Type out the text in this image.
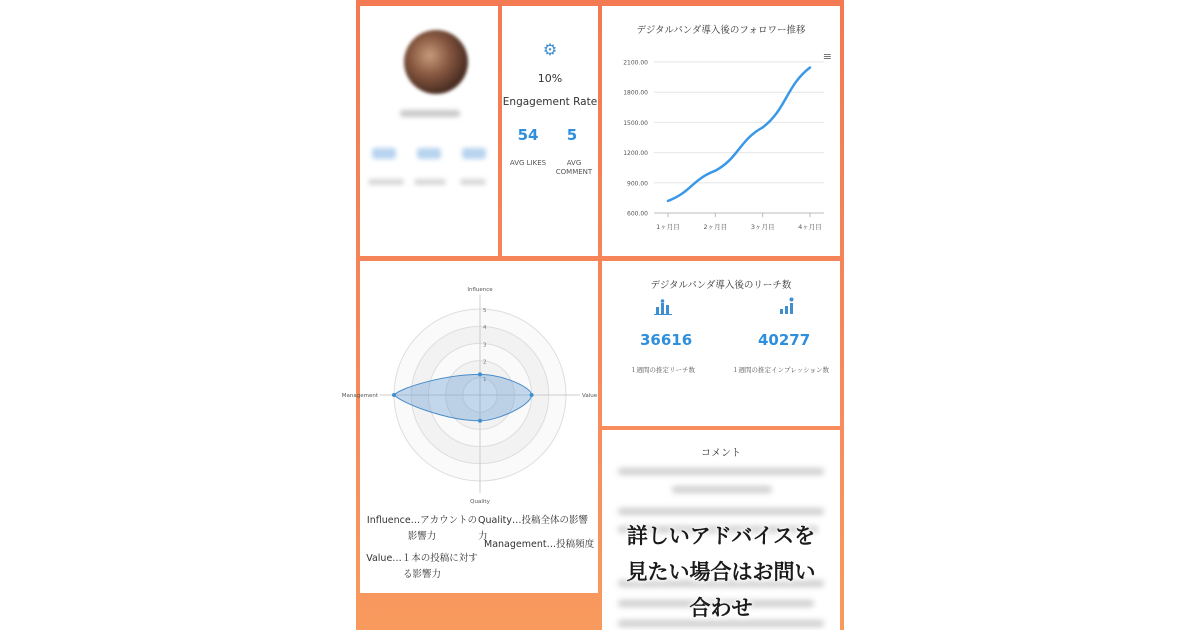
⚙
10%
Engagement Rate
54	5
AVG LIKES	AVG COMMENT
デジタルパンダ導入後のフォロワー推移
≡
600.00
900.00
1200.00
1500.00
1800.00
2100.00
1ヶ月目	2ヶ月目	3ヶ月目	4ヶ月目
2
3
4
5
Influence
Value
Quality
Management
Influence…アカウントの影響力
Quality…投稿全体の影響力
Value…１本の投稿に対する影響力
Management…投稿頻度
デジタルパンダ導入後のリーチ数
36616	40277
１週間の推定リーチ数	１週間の推定インプレッション数
コメント
詳しいアドバイスを
見たい場合はお問い
合わせ
